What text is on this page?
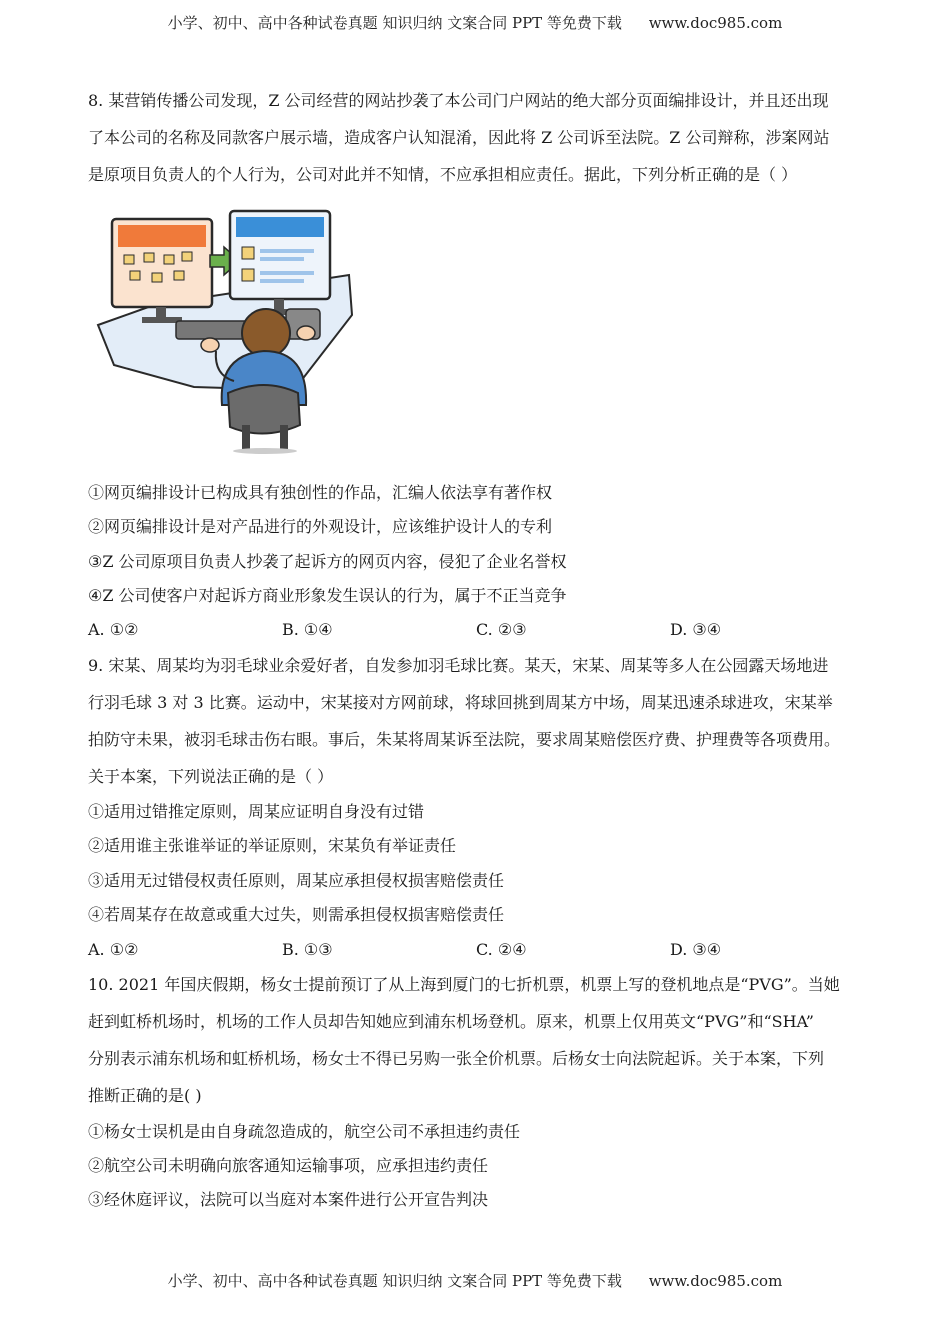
小学、初中、高中各种试卷真题 知识归纳 文案合同 PPT 等免费下载 www.doc985.com
8. 某营销传播公司发现，Z 公司经营的网站抄袭了本公司门户网站的绝大部分页面编排设计，并且还出现
了本公司的名称及同款客户展示墙，造成客户认知混淆，因此将 Z 公司诉至法院。Z 公司辩称，涉案网站
是原项目负责人的个人行为，公司对此并不知情，不应承担相应责任。据此，下列分析正确的是（ ）
①网页编排设计已构成具有独创性的作品，汇编人依法享有著作权
②网页编排设计是对产品进行的外观设计，应该维护设计人的专利
③Z 公司原项目负责人抄袭了起诉方的网页内容，侵犯了企业名誉权
④Z 公司使客户对起诉方商业形象发生误认的行为，属于不正当竞争
A. ①②	B. ①④	C. ②③	D. ③④
9. 宋某、周某均为羽毛球业余爱好者，自发参加羽毛球比赛。某天，宋某、周某等多人在公园露天场地进
行羽毛球 3 对 3 比赛。运动中，宋某接对方网前球，将球回挑到周某方中场，周某迅速杀球进攻，宋某举
拍防守未果，被羽毛球击伤右眼。事后，朱某将周某诉至法院，要求周某赔偿医疗费、护理费等各项费用。
关于本案，下列说法正确的是（ ）
①适用过错推定原则，周某应证明自身没有过错
②适用谁主张谁举证的举证原则，宋某负有举证责任
③适用无过错侵权责任原则，周某应承担侵权损害赔偿责任
④若周某存在故意或重大过失，则需承担侵权损害赔偿责任
A. ①②	B. ①③	C. ②④	D. ③④
10. 2021 年国庆假期，杨女士提前预订了从上海到厦门的七折机票，机票上写的登机地点是“PVG”。当她
赶到虹桥机场时，机场的工作人员却告知她应到浦东机场登机。原来，机票上仅用英文“PVG”和“SHA”
分别表示浦东机场和虹桥机场，杨女士不得已另购一张全价机票。后杨女士向法院起诉。关于本案，下列
推断正确的是( )
①杨女士误机是由自身疏忽造成的，航空公司不承担违约责任
②航空公司未明确向旅客通知运输事项，应承担违约责任
③经休庭评议，法院可以当庭对本案件进行公开宣告判决
小学、初中、高中各种试卷真题 知识归纳 文案合同 PPT 等免费下载 www.doc985.com
